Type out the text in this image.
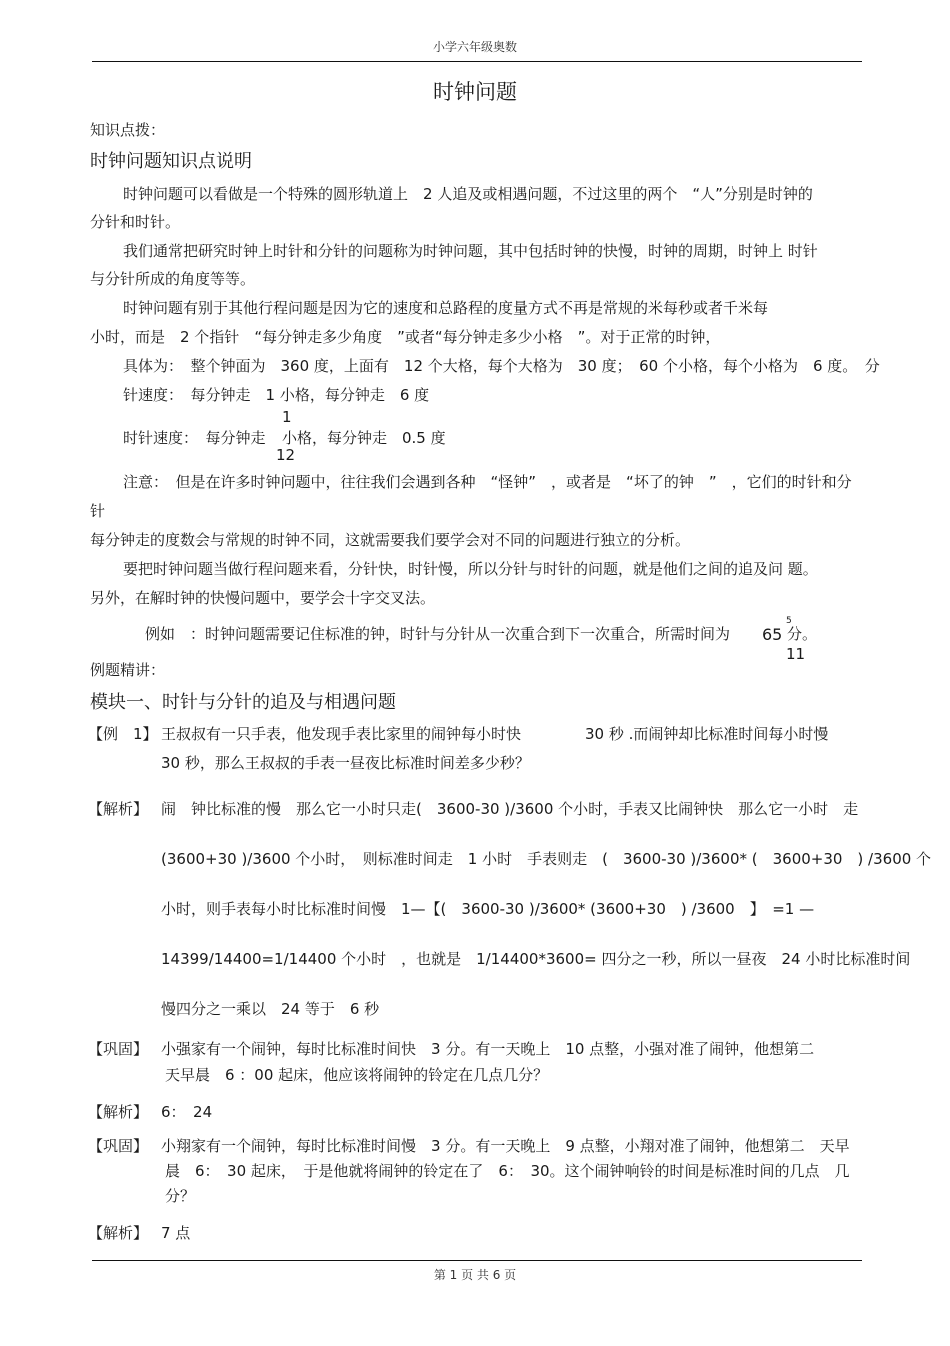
小学六年级奥数
时钟问题
知识点拨：
时钟问题知识点说明
时钟问题可以看做是一个特殊的圆形轨道上　2 人追及或相遇问题，不过这里的两个　“人”分别是时钟的
分针和时针。
我们通常把研究时钟上时针和分针的问题称为时钟问题，其中包括时钟的快慢，时钟的周期，时钟上 时针
与分针所成的角度等等。
时钟问题有别于其他行程问题是因为它的速度和总路程的度量方式不再是常规的米每秒或者千米每
小时，而是　2 个指针　“每分钟走多少角度　”或者“每分钟走多少小格　”。对于正常的时钟，
具体为：　整个钟面为　360 度，上面有　12 个大格，每个大格为　30 度；　60 个小格，每个小格为　6 度。　分
针速度：　每分钟走　1 小格，每分钟走　6 度
时针速度：　每分钟走
1
小格，每分钟走　0.5 度
12
注意：　但是在许多时钟问题中，往往我们会遇到各种　“怪钟”　，或者是　“坏了的钟　”　，它们的时针和分
针
每分钟走的度数会与常规的时钟不同，这就需要我们要学会对不同的问题进行独立的分析。
要把时钟问题当做行程问题来看，分针快，时针慢，所以分针与时针的问题，就是他们之间的追及问 题。
另外，在解时钟的快慢问题中，要学会十字交叉法。
例如　：时钟问题需要记住标准的钟，时针与分针从一次重合到下一次重合，所需时间为 65
5
分。
11
例题精讲：
模块一、时针与分针的追及与相遇问题
【例　1】 王叔叔有一只手表，他发现手表比家里的闹钟每小时快	30 秒 .而闹钟却比标准时间每小时慢
30 秒，那么王叔叔的手表一昼夜比标准时间差多少秒？
【解析】 闹　钟比标准的慢　那么它一小时只走(　3600-30 )/3600 个小时，手表又比闹钟快　那么它一小时　走
(3600+30 )/3600 个小时，　则标准时间走　1 小时　手表则走　(　3600-30 )/3600* (　3600+30　) /3600 个
小时，则手表每小时比标准时间慢　1—【(　3600-30 )/3600* (3600+30　) /3600　】　=1 —
14399/14400=1/14400 个小时　，也就是　1/14400*3600= 四分之一秒，所以一昼夜　24 小时比标准时间
慢四分之一乘以　24 等于　6 秒
【巩固】 小强家有一个闹钟，每时比标准时间快　3 分。有一天晚上　10 点整，小强对准了闹钟，他想第二
天早晨　6 ：00 起床，他应该将闹钟的铃定在几点几分？
【解析】 6：　24
【巩固】 小翔家有一个闹钟，每时比标准时间慢　3 分。有一天晚上　9 点整，小翔对准了闹钟，他想第二　天早
晨　6：　30 起床，　于是他就将闹钟的铃定在了　6：　30。这个闹钟响铃的时间是标准时间的几点　几
分？
【解析】 7 点
第 1 页 共 6 页
